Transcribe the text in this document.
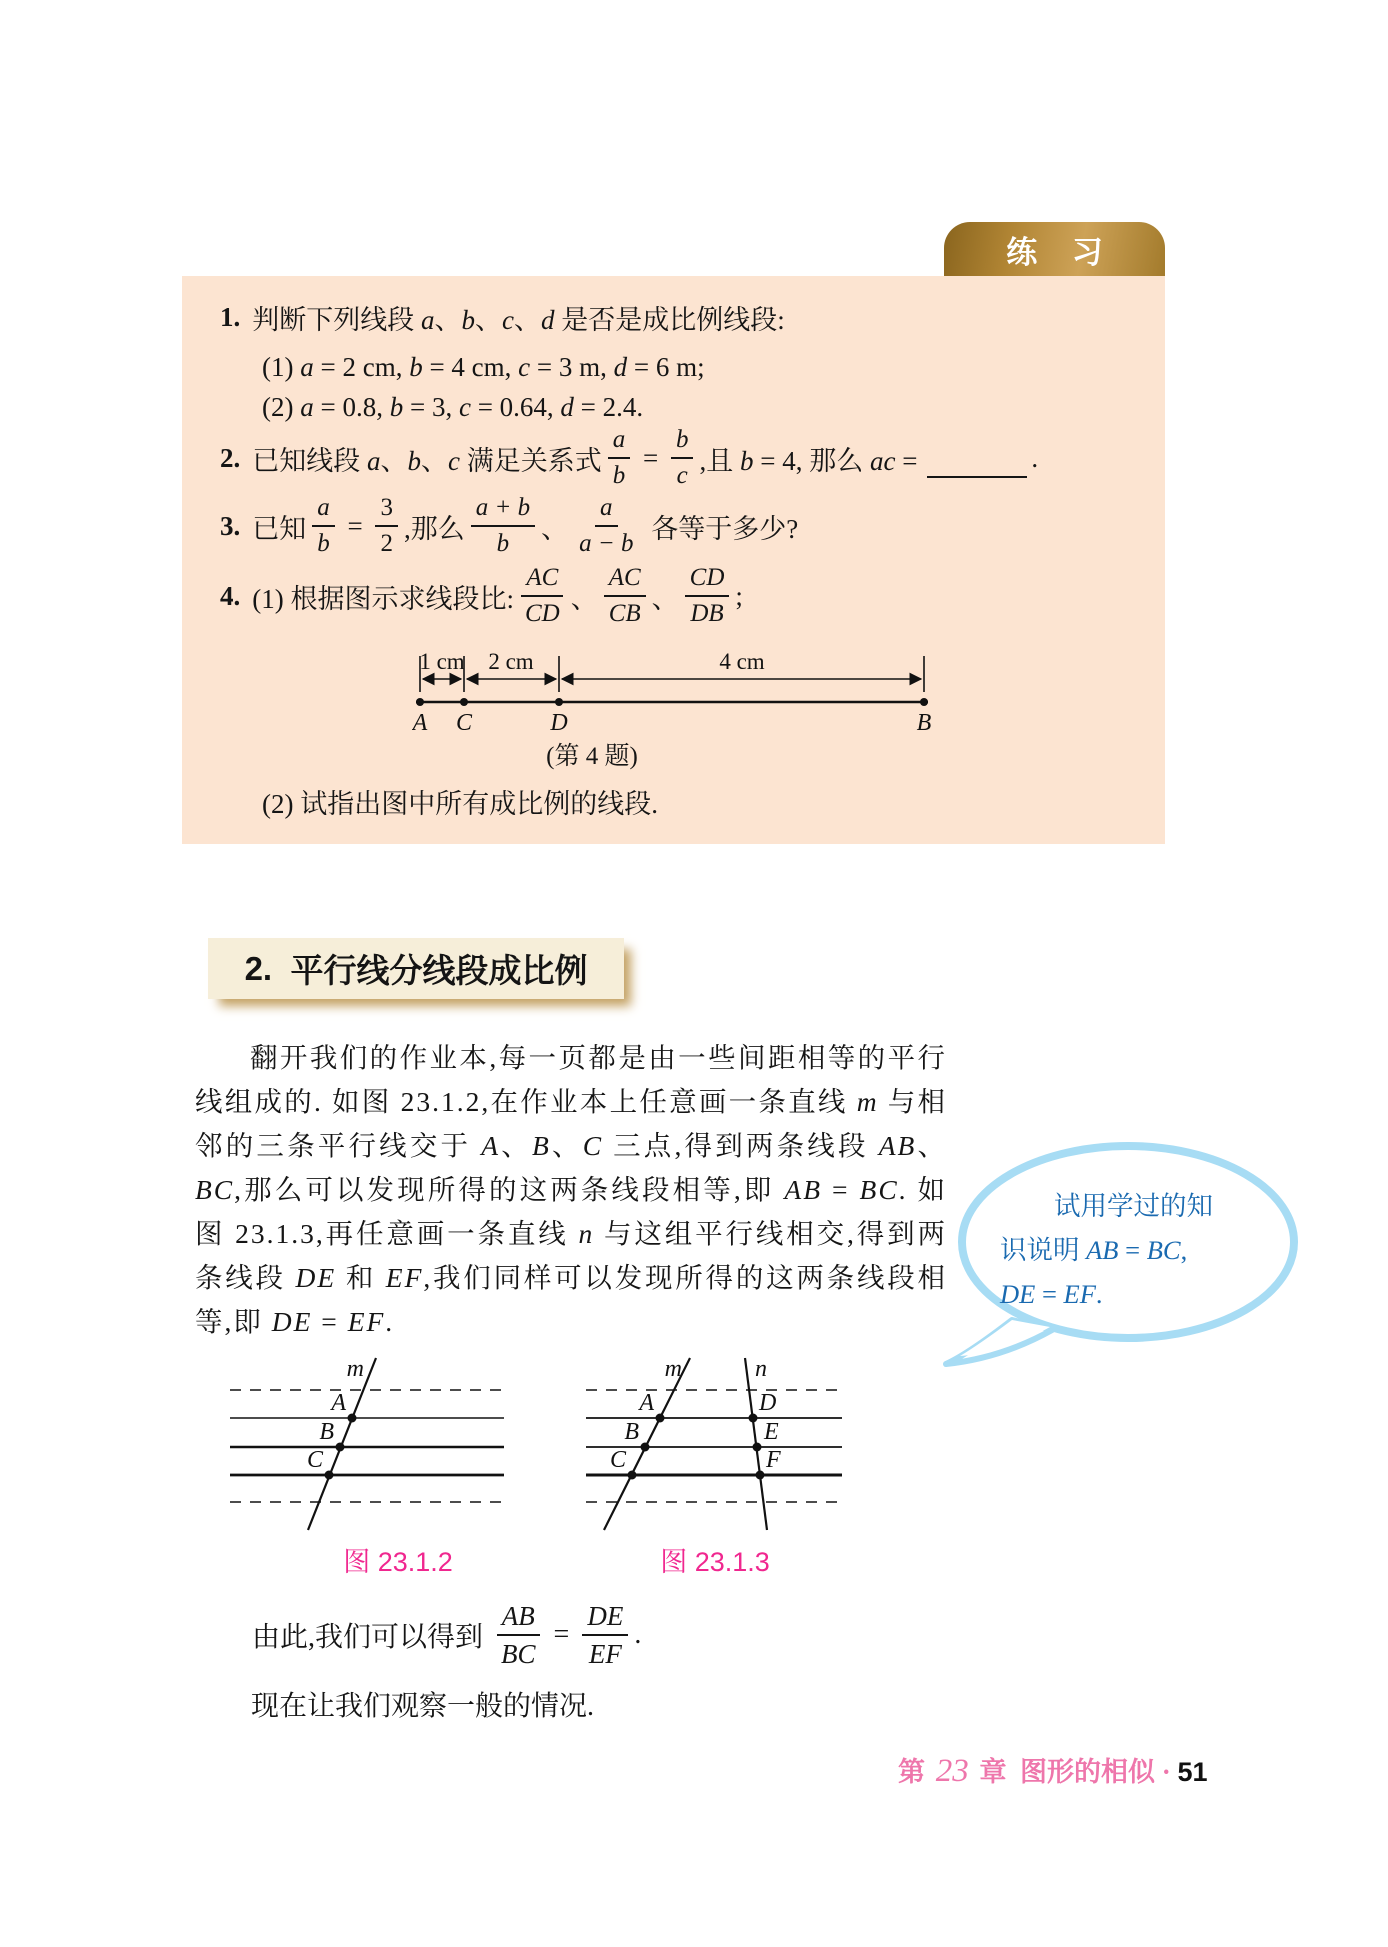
练    习
1. 判断下列线段 a、b、c、d 是否是成比例线段:
(1) a = 2 cm, b = 4 cm, c = 3 m, d = 6 m;
(2) a = 0.8, b = 3, c = 0.64, d = 2.4.
2. 已知线段 a、b、c 满足关系式 $\frac{a}{b} = \frac{b}{c}$ ,且 b = 4, 那么 ac =	.
3. 已知 $\frac{a}{b} = \frac{3}{2}$ ,那么 $\frac{a + b}{b}$ 、 $\frac{a}{a - b}$ 各等于多少?
4. (1) 根据图示求线段比: $\frac{AC}{CD}$ 、 $\frac{AC}{CB}$ 、 $\frac{CD}{DB}$ ;
1 cm 2 cm	4 cm
A C	D	B
(第 4 题)
(2) 试指出图中所有成比例的线段.
2.
平行线分线段成比例
翻开我们的作业本,每一页都是由一些间距相等的平行线组成的. 如图 23.1.2,在作业本上任意画一条直线 m 与相邻的三条平行线交于 A、B、C 三点,得到两条线段 AB、BC,那么可以发现所得的这两条线段相等,即 AB = BC. 如图 23.1.3,再任意画一条直线 n 与这组平行线相交,得到两条线段 DE 和 EF,我们同样可以发现所得的这两条线段相等,即 DE = EF.
试用学过的知
识说明 AB = BC,
DE = EF.
A
B
C
m
图 23.1.2
A
B
C
D
E
F
m	n
图 23.1.3
由此,我们可以得到 $\frac{AB}{BC} = \frac{DE}{EF}$ .
现在让我们观察一般的情况.
第 23 章 图形的相似 · 51
